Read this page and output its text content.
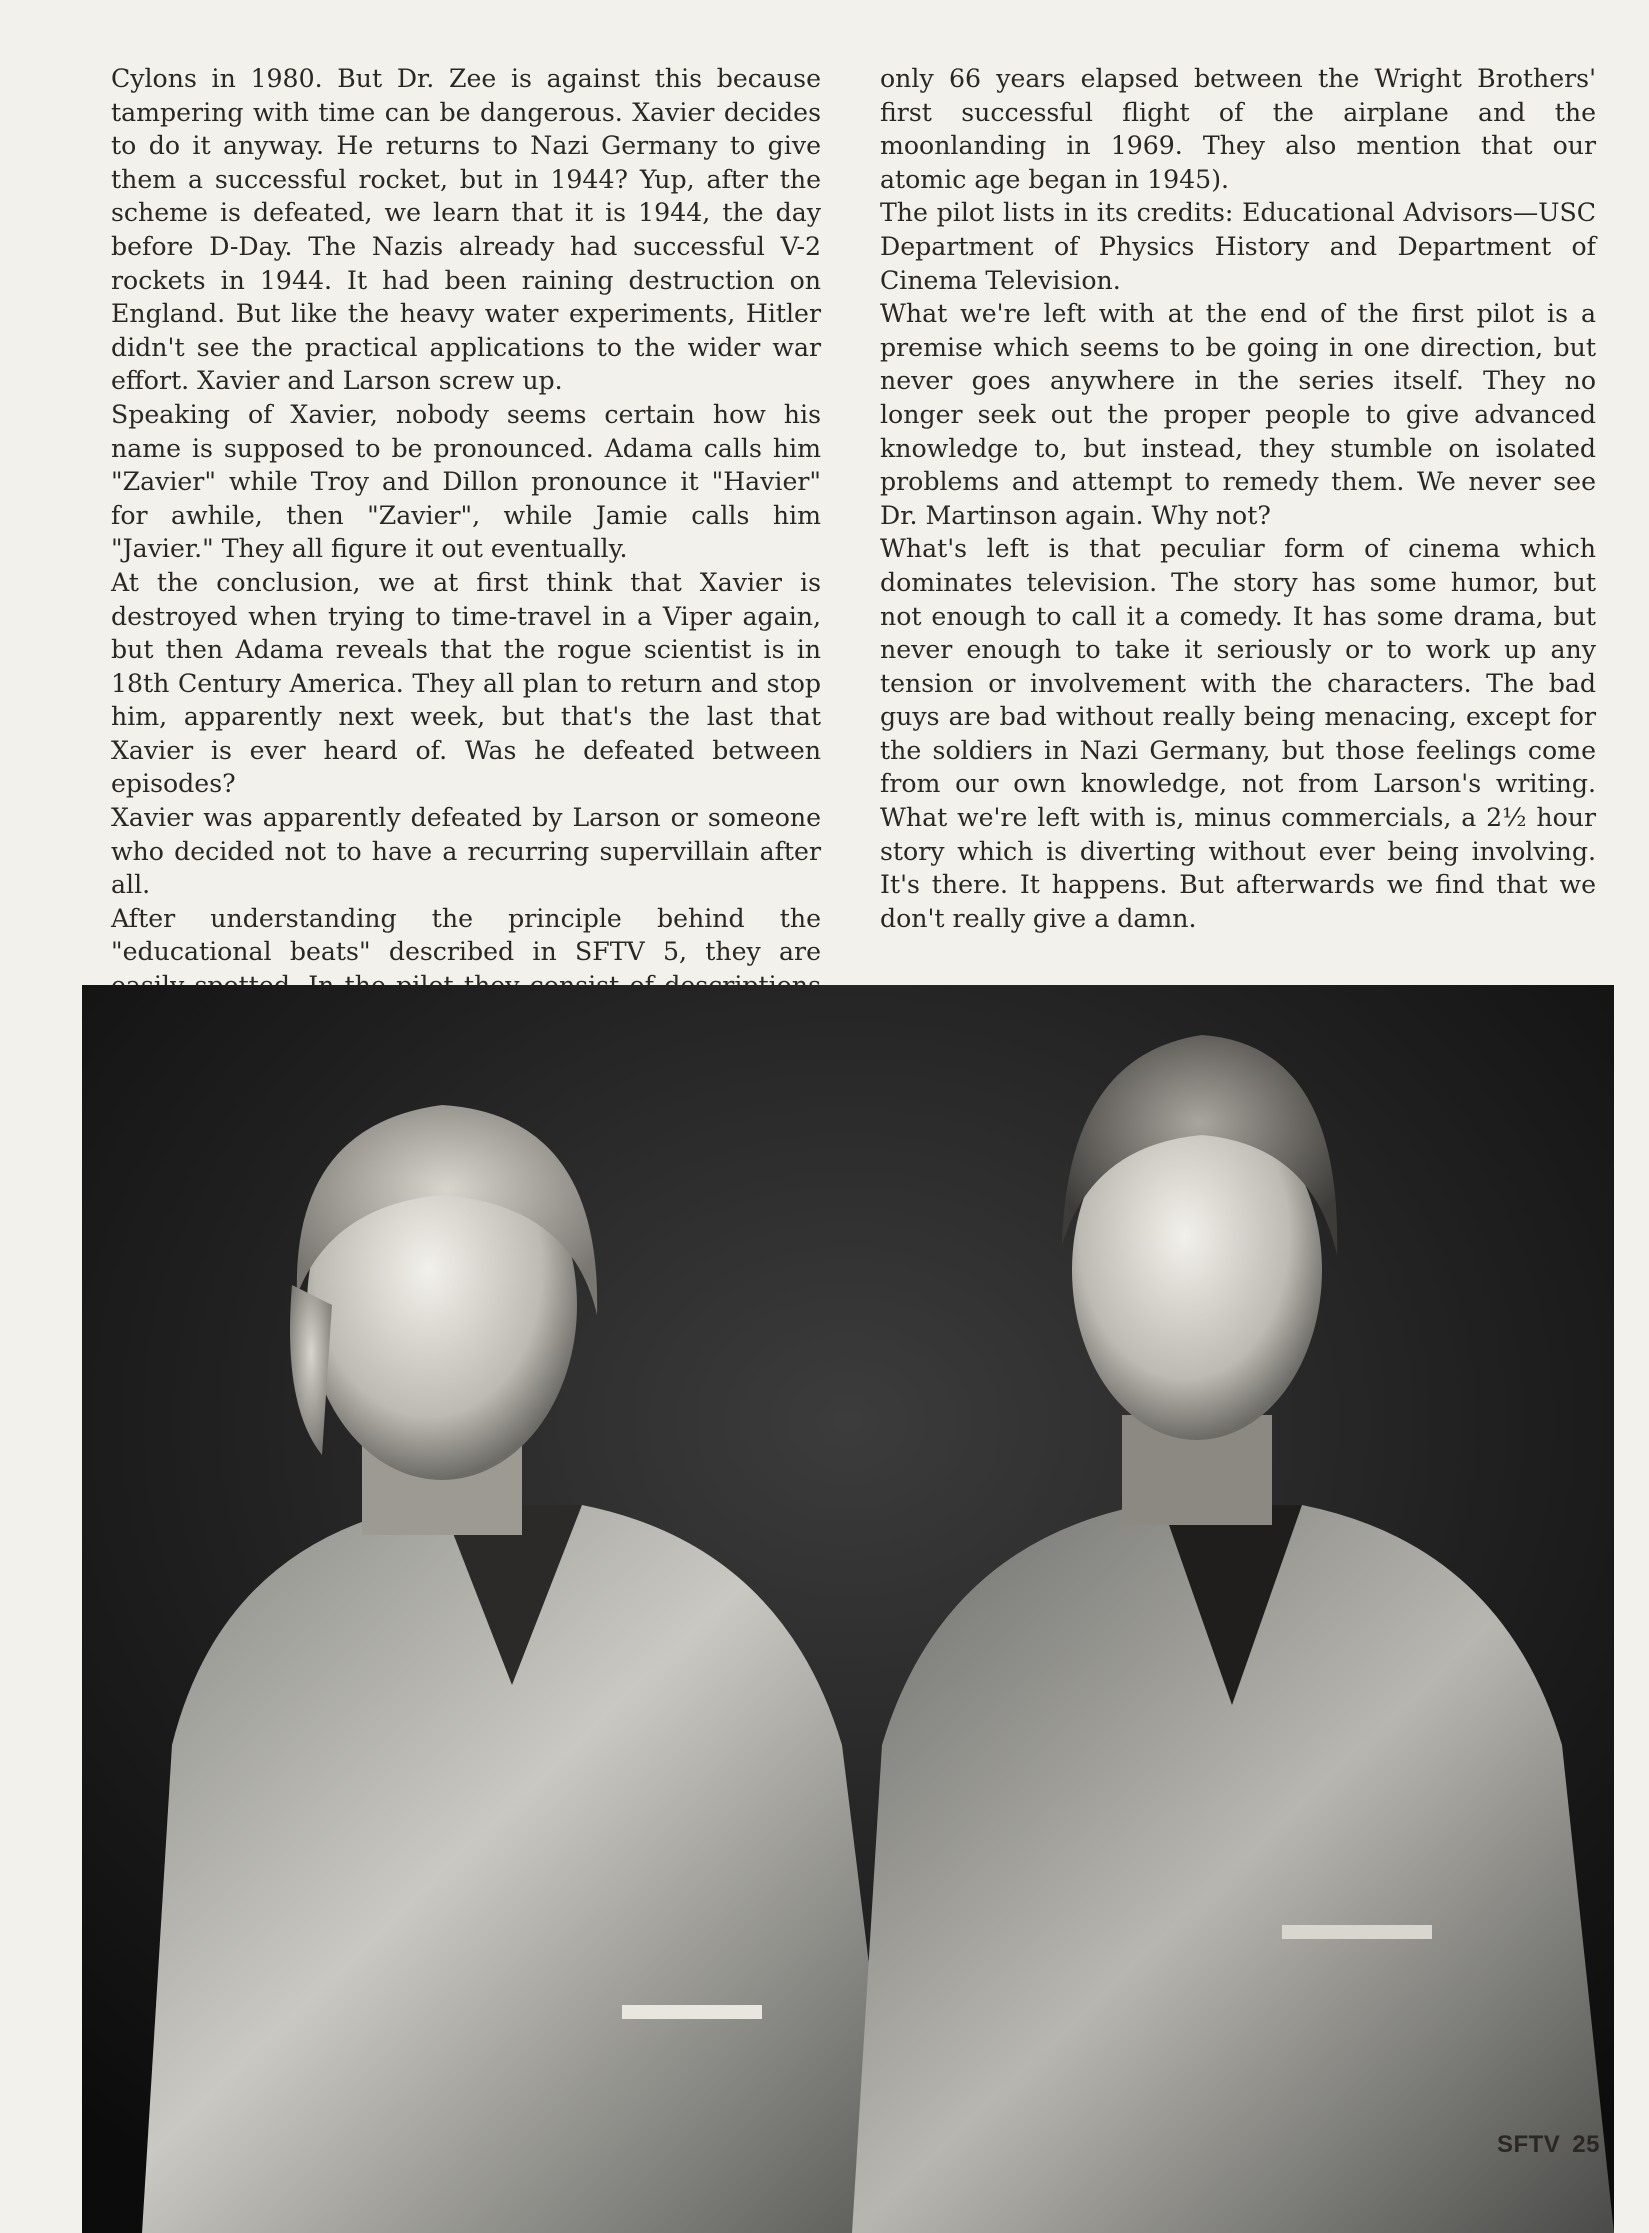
Cylons in 1980. But Dr. Zee is against this because tampering with time can be dangerous. Xavier decides to do it anyway. He returns to Nazi Germany to give them a successful rocket, but in 1944? Yup, after the scheme is defeated, we learn that it is 1944, the day before D-Day. The Nazis already had successful V-2 rockets in 1944. It had been raining destruction on England. But like the heavy water experiments, Hitler didn't see the practical applications to the wider war effort. Xavier and Larson screw up.

Speaking of Xavier, nobody seems certain how his name is supposed to be pronounced. Adama calls him "Zavier" while Troy and Dillon pronounce it "Havier" for awhile, then "Zavier", while Jamie calls him "Javier." They all figure it out eventually.

At the conclusion, we at first think that Xavier is destroyed when trying to time-travel in a Viper again, but then Adama reveals that the rogue scientist is in 18th Century America. They all plan to return and stop him, apparently next week, but that's the last that Xavier is ever heard of. Was he defeated between episodes?

Xavier was apparently defeated by Larson or someone who decided not to have a recurring supervillain after all.

After understanding the principle behind the "educational beats" described in SFTV 5, they are

only 66 years elapsed between the Wright Brothers' first successful flight of the airplane and the moonlanding in 1969. They also mention that our atomic age began in 1945).

The pilot lists in its credits: Educational Advisors—USC Department of Physics History and Department of Cinema Television.

What we're left with at the end of the first pilot is a premise which seems to be going in one direction, but never goes anywhere in the series itself. They no longer seek out the proper people to give advanced knowledge to, but instead, they stumble on isolated problems and attempt to remedy them. We never see Dr. Martinson again. Why not?

What's left is that peculiar form of cinema which dominates television. The story has some humor, but not enough to call it a comedy. It has some drama, but never enough to take it seriously or to work up any tension or involvement with the characters. The bad guys are bad without really being menacing, except for the soldiers in Nazi Germany, but those feelings come from our own knowledge, not from Larson's writing. What we're left with is, minus commercials, a 2½ hour story which is diverting without ever being involving. It's there. It happens. But afterwards we find that we don't really give a damn.

SFTV 25
